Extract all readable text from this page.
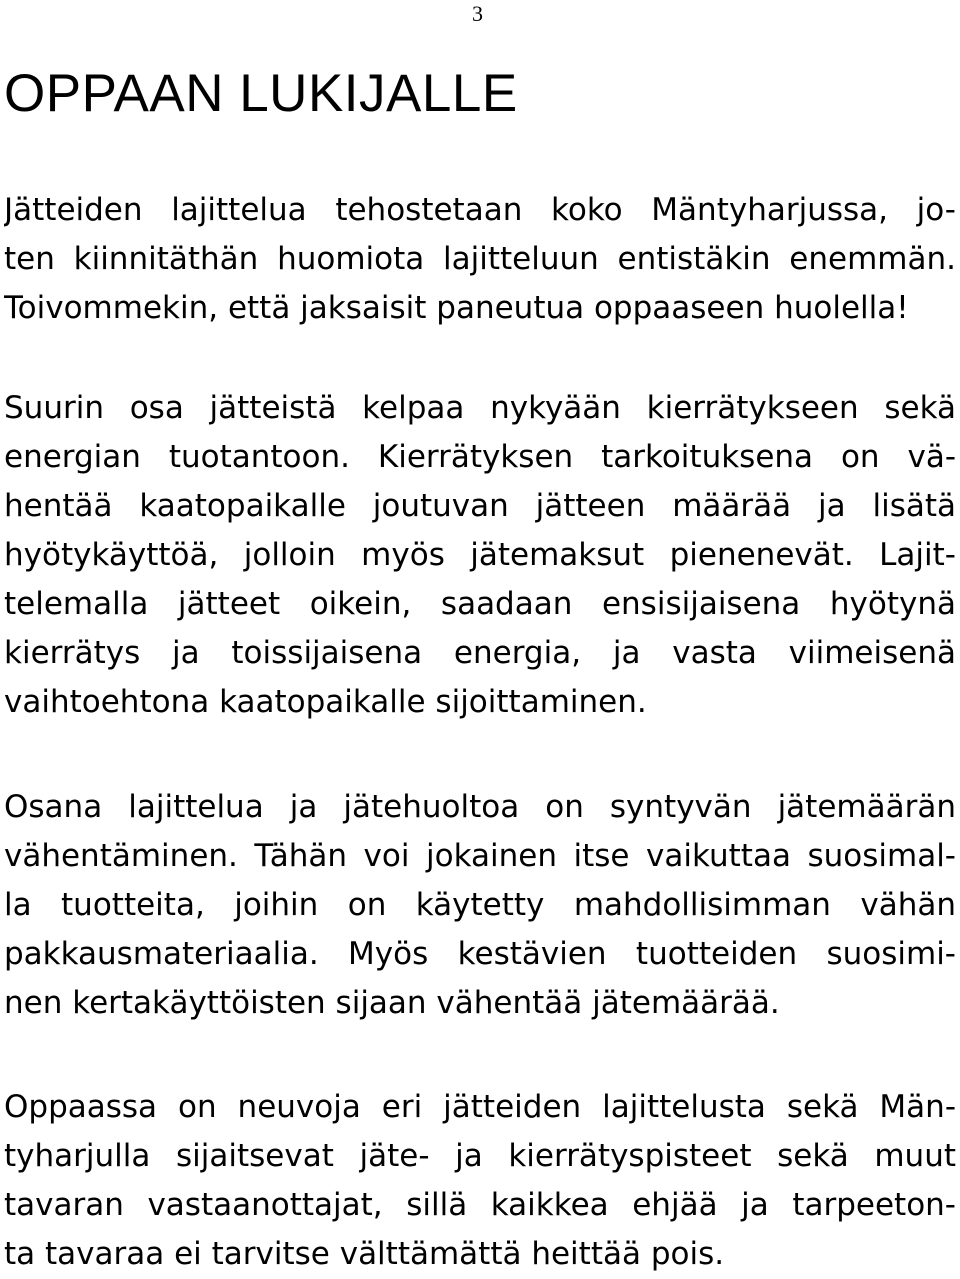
3
OPPAAN LUKIJALLE
Jätteiden lajittelua tehostetaan koko Mäntyharjussa, jo-
ten kiinnitäthän huomiota lajitteluun entistäkin enemmän.
Toivommekin, että jaksaisit paneutua oppaaseen huolella!
Suurin osa jätteistä kelpaa nykyään kierrätykseen sekä
energian tuotantoon. Kierrätyksen tarkoituksena on vä-
hentää kaatopaikalle joutuvan jätteen määrää ja lisätä
hyötykäyttöä, jolloin myös jätemaksut pienenevät. Lajit-
telemalla jätteet oikein, saadaan ensisijaisena hyötynä
kierrätys ja toissijaisena energia, ja vasta viimeisenä
vaihtoehtona kaatopaikalle sijoittaminen.
Osana lajittelua ja jätehuoltoa on syntyvän jätemäärän
vähentäminen. Tähän voi jokainen itse vaikuttaa suosimal-
la tuotteita, joihin on käytetty mahdollisimman vähän
pakkausmateriaalia. Myös kestävien tuotteiden suosimi-
nen kertakäyttöisten sijaan vähentää jätemäärää.
Oppaassa on neuvoja eri jätteiden lajittelusta sekä Män-
tyharjulla sijaitsevat jäte- ja kierrätyspisteet sekä muut
tavaran vastaanottajat, sillä kaikkea ehjää ja tarpeeton-
ta tavaraa ei tarvitse välttämättä heittää pois.
